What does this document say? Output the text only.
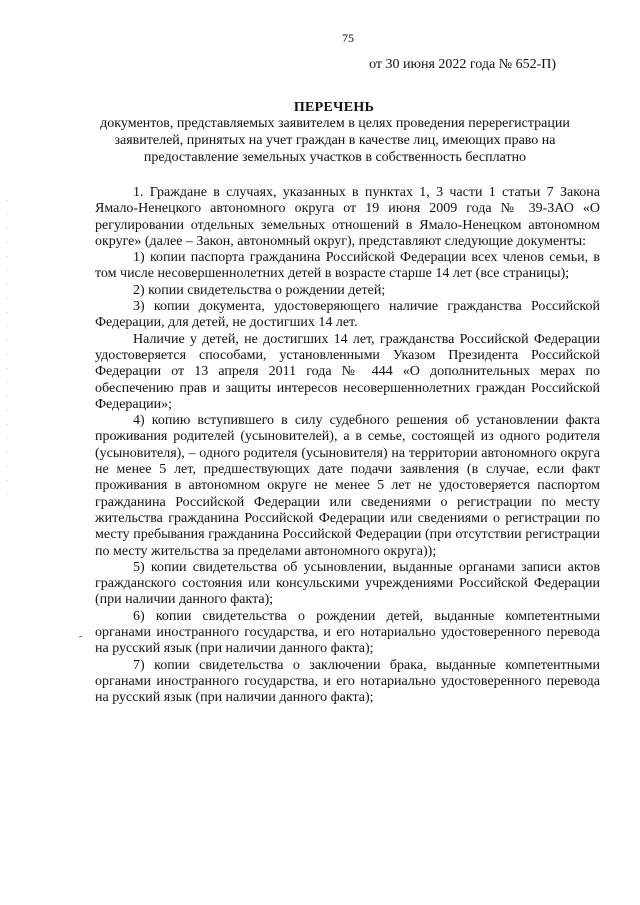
75
от 30 июня 2022 года № 652-П)
ПЕРЕЧЕНЬ
документов, представляемых заявителем в целях проведения перерегистрации заявителей, принятых на учет граждан в качестве лиц, имеющих право на предоставление земельных участков в собственность бесплатно

1. Граждане в случаях, указанных в пунктах 1, 3 части 1 статьи 7 Закона Ямало-Ненецкого автономного округа от 19 июня 2009 года № 39-ЗАО «О регулировании отдельных земельных отношений в Ямало-Ненецком автономном округе» (далее – Закон, автономный округ), представляют следующие документы:

1) копии паспорта гражданина Российской Федерации всех членов семьи, в том числе несовершеннолетних детей в возрасте старше 14 лет (все страницы);

2) копии свидетельства о рождении детей;

3) копии документа, удостоверяющего наличие гражданства Российской Федерации, для детей, не достигших 14 лет.

Наличие у детей, не достигших 14 лет, гражданства Российской Федерации удостоверяется способами, установленными Указом Президента Российской Федерации от 13 апреля 2011 года № 444 «О дополнительных мерах по обеспечению прав и защиты интересов несовершеннолетних граждан Российской Федерации»;

4) копию вступившего в силу судебного решения об установлении факта проживания родителей (усыновителей), а в семье, состоящей из одного родителя (усыновителя), – одного родителя (усыновителя) на территории автономного округа не менее 5 лет, предшествующих дате подачи заявления (в случае, если факт проживания в автономном округе не менее 5 лет не удостоверяется паспортом гражданина Российской Федерации или сведениями о регистрации по месту жительства гражданина Российской Федерации или сведениями о регистрации по месту пребывания гражданина Российской Федерации (при отсутствии регистрации по месту жительства за пределами автономного округа));

5) копии свидетельства об усыновлении, выданные органами записи актов гражданского состояния или консульскими учреждениями Российской Федерации (при наличии данного факта);

6) копии свидетельства о рождении детей, выданные компетентными органами иностранного государства, и его нотариально удостоверенного перевода на русский язык (при наличии данного факта);

7) копии свидетельства о заключении брака, выданные компетентными органами иностранного государства, и его нотариально удостоверенного перевода на русский язык (при наличии данного факта);
